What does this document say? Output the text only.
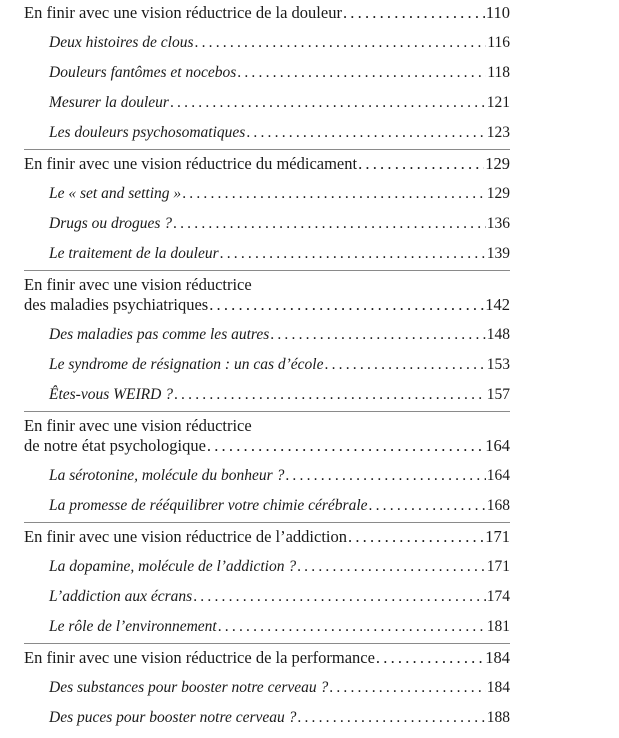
En finir avec une vision réductrice de la douleur .....	110
Deux histoires de clous .....	116
Douleurs fantômes et nocebos .....	118
Mesurer la douleur .....	121
Les douleurs psychosomatiques .....	123
En finir avec une vision réductrice du médicament .....	129
Le « set and setting » .....	129
Drugs ou drogues ? .....	136
Le traitement de la douleur .....	139
En finir avec une vision réductrice
des maladies psychiatriques .....	142
Des maladies pas comme les autres .....	148
Le syndrome de résignation : un cas d’école .....	153
Êtes-vous WEIRD ? .....	157
En finir avec une vision réductrice
de notre état psychologique .....	164
La sérotonine, molécule du bonheur ? .....	164
La promesse de rééquilibrer votre chimie cérébrale .....	168
En finir avec une vision réductrice de l’addiction .....	171
La dopamine, molécule de l’addiction ? .....	171
L’addiction aux écrans .....	174
Le rôle de l’environnement .....	181
En finir avec une vision réductrice de la performance .....	184
Des substances pour booster notre cerveau ? .....	184
Des puces pour booster notre cerveau ? .....	188
